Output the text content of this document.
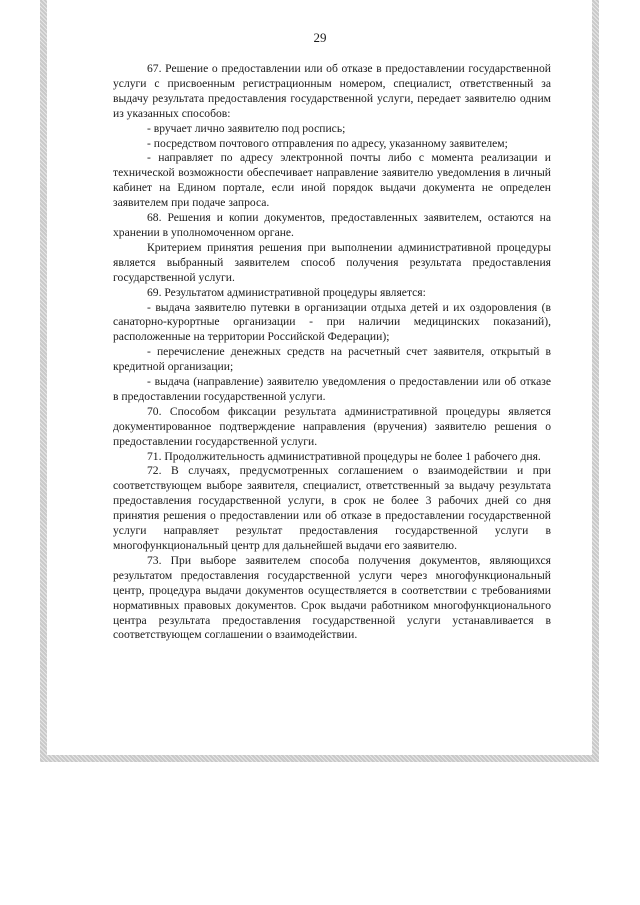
29

67. Решение о предоставлении или об отказе в предоставлении государственной услуги с присвоенным регистрационным номером, специалист, ответственный за выдачу результата предоставления государственной услуги, передает заявителю одним из указанных способов:

- вручает лично заявителю под роспись;

- посредством почтового отправления по адресу, указанному заявителем;

- направляет по адресу электронной почты либо с момента реализации и технической возможности обеспечивает направление заявителю уведомления в личный кабинет на Едином портале, если иной порядок выдачи документа не определен заявителем при подаче запроса.

68. Решения и копии документов, предоставленных заявителем, остаются на хранении в уполномоченном органе.

Критерием принятия решения при выполнении административной процедуры является выбранный заявителем способ получения результата предоставления государственной услуги.

69. Результатом административной процедуры является:

- выдача заявителю путевки в организации отдыха детей и их оздоровления (в санаторно-курортные организации - при наличии медицинских показаний), расположенные на территории Российской Федерации);

- перечисление денежных средств на расчетный счет заявителя, открытый в кредитной организации;

- выдача (направление) заявителю уведомления о предоставлении или об отказе в предоставлении государственной услуги.

70. Способом фиксации результата административной процедуры является документированное подтверждение направления (вручения) заявителю решения о предоставлении государственной услуги.

71. Продолжительность административной процедуры не более 1 рабочего дня.

72. В случаях, предусмотренных соглашением о взаимодействии и при соответствующем выборе заявителя, специалист, ответственный за выдачу результата предоставления государственной услуги, в срок не более 3 рабочих дней со дня принятия решения о предоставлении или об отказе в предоставлении государственной услуги направляет результат предоставления государственной услуги в многофункциональный центр для дальнейшей выдачи его заявителю.

73. При выборе заявителем способа получения документов, являющихся результатом предоставления государственной услуги через многофункциональный центр, процедура выдачи документов осуществляется в соответствии с требованиями нормативных правовых документов. Срок выдачи работником многофункционального центра результата предоставления государственной услуги устанавливается в соответствующем соглашении о взаимодействии.
